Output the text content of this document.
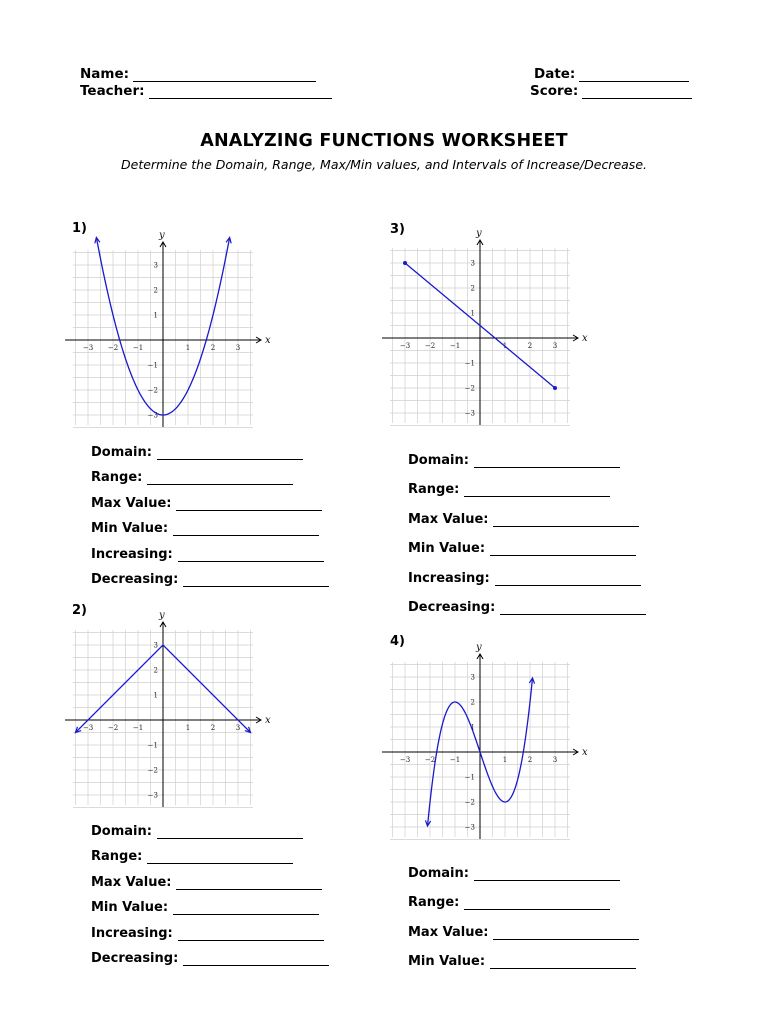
Name:
Teacher:
Date:
Score:
ANALYZING FUNCTIONS WORKSHEET
Determine the Domain, Range, Max/Min values, and Intervals of Increase/Decrease.
1)
x
y
−3
−3
−2
−2
−1
−1
1
1
2
2
3
3
Domain:
Range:
Max Value:
Min Value:
Increasing:
Decreasing:
2)
x
y
−3
−3
−2
−2
−1
−1
1
1
2
2
3
3
Domain:
Range:
Max Value:
Min Value:
Increasing:
Decreasing:
3)
x
y
−3
−3
−2
−2
−1
−1
1
1
2
2
3
3
Domain:
Range:
Max Value:
Min Value:
Increasing:
Decreasing:
4)
x
y
−3
−3
−2
−2
−1
−1
1
1
2
2
3
3
Domain:
Range:
Max Value:
Min Value:
